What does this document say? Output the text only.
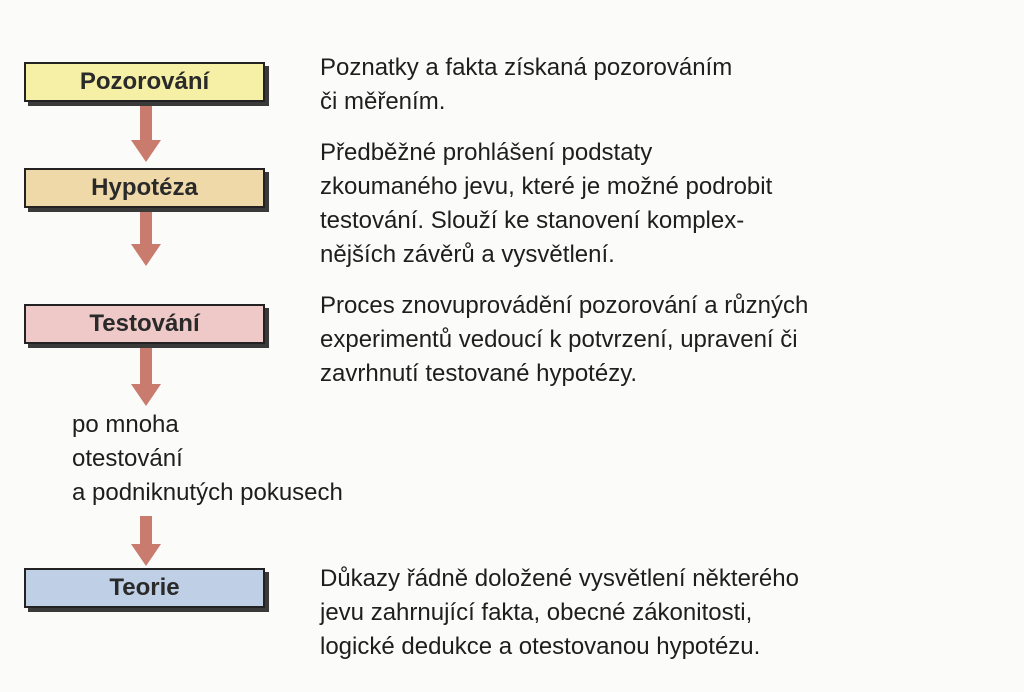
Pozorování
Hypotéza
Testování
Teorie
po mnoha
otestování
a podniknutých pokusech
Poznatky a fakta získaná pozorováním
či měřením.
Předběžné prohlášení podstaty
zkoumaného jevu, které je možné podrobit
testování. Slouží ke stanovení komplex-
nějších závěrů a vysvětlení.
Proces znovuprovádění pozorování a různých
experimentů vedoucí k potvrzení, upravení či
zavrhnutí testované hypotézy.
Důkazy řádně doložené vysvětlení některého
jevu zahrnující fakta, obecné zákonitosti,
logické dedukce a otestovanou hypotézu.
